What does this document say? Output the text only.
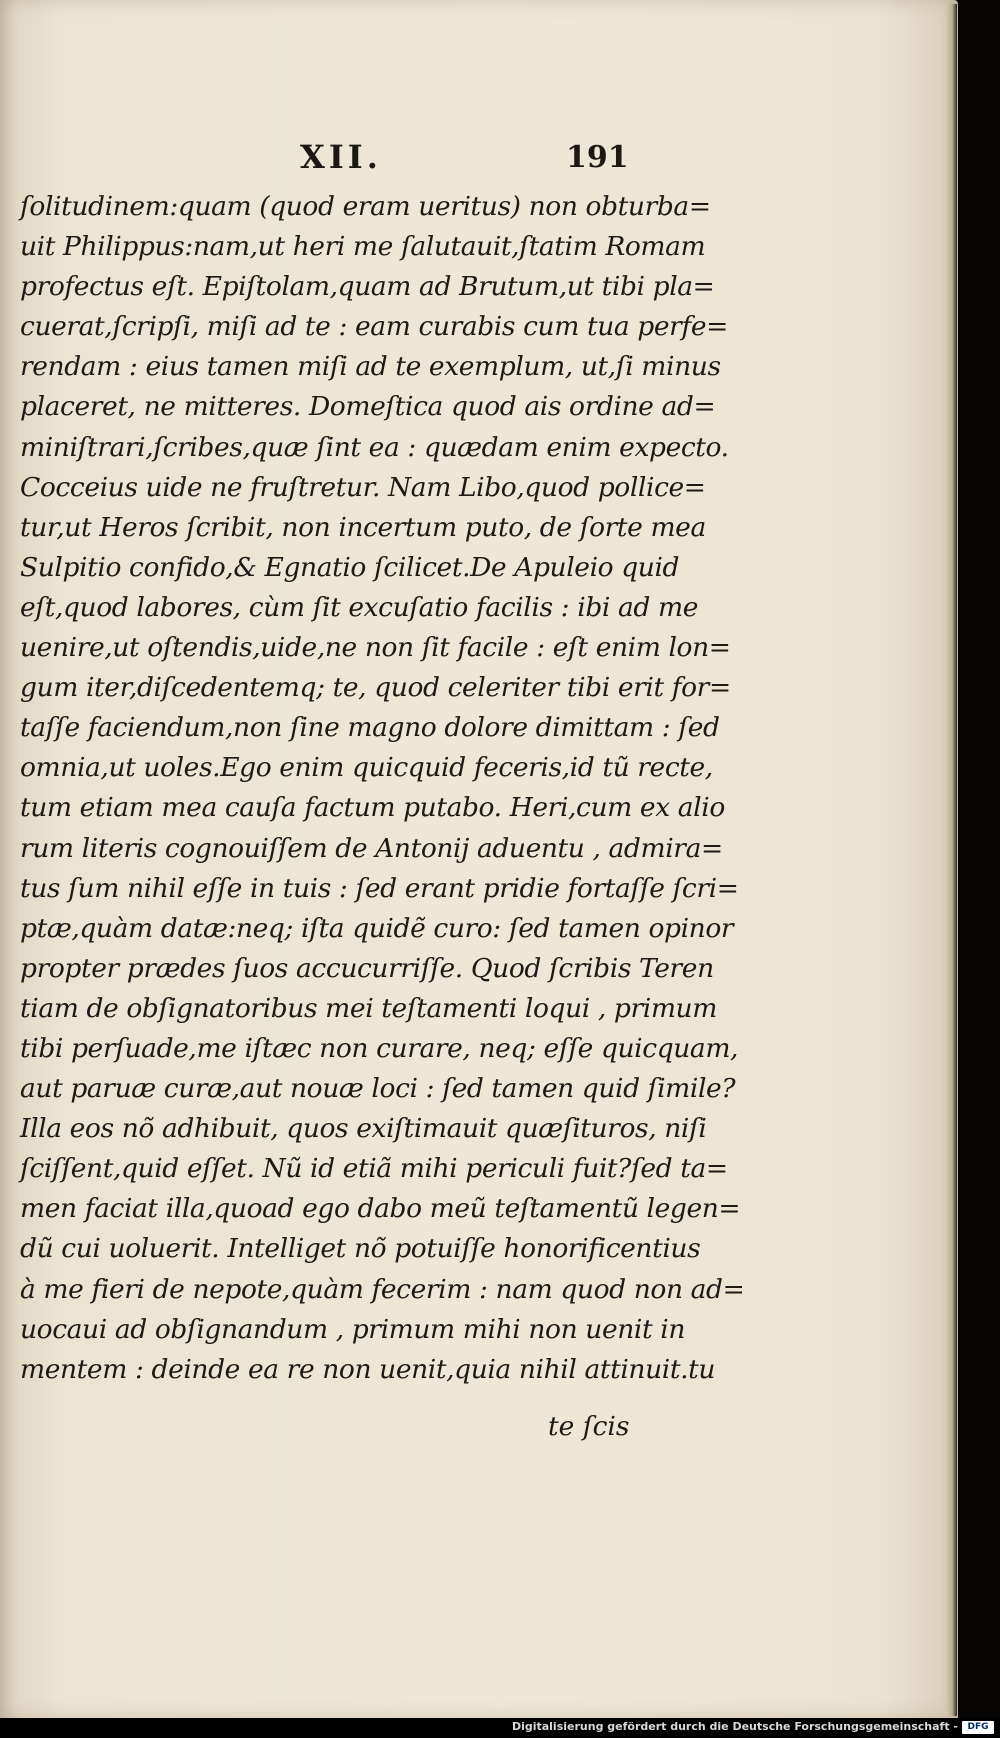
XII.	191
ſolitudinem:quam (quod eram ueritus) non obturba=
uit Philippus:nam,ut heri me ſalutauit,ſtatim Romam
profectus eſt. Epiſtolam,quam ad Brutum,ut tibi pla=
cuerat,ſcripſi, miſi ad te : eam curabis cum tua perfe=
rendam : eius tamen miſi ad te exemplum, ut,ſi minus
placeret, ne mitteres. Domeſtica quod ais ordine ad=
miniſtrari,ſcribes,quæ ſint ea : quædam enim expecto.
Cocceius uide ne fruſtretur. Nam Libo,quod pollice=
tur,ut Heros ſcribit, non incertum puto, de ſorte mea
Sulpitio confido,& Egnatio ſcilicet.De Apuleio quid
eſt,quod labores, cùm ſit excuſatio facilis : ibi ad me
uenire,ut oſtendis,uide,ne non ſit facile : eſt enim lon=
gum iter,diſcedentemq; te, quod celeriter tibi erit for=
taſſe faciendum,non ſine magno dolore dimittam : ſed
omnia,ut uoles.Ego enim quicquid feceris,id tũ recte,
tum etiam mea cauſa factum putabo. Heri,cum ex alio
rum literis cognouiſſem de Antonij aduentu , admira=
tus ſum nihil eſſe in tuis : ſed erant pridie fortaſſe ſcri=
ptæ,quàm datæ:neq; iſta quidẽ curo: ſed tamen opinor
propter prædes ſuos accucurriſſe. Quod ſcribis Teren
tiam de obſignatoribus mei teſtamenti loqui , primum
tibi perſuade,me iſtæc non curare, neq; eſſe quicquam,
aut paruæ curæ,aut nouæ loci : ſed tamen quid ſimile?
Illa eos nõ adhibuit, quos exiſtimauit quæſituros, niſi
ſciſſent,quid eſſet. Nũ id etiã mihi periculi fuit?ſed ta=
men faciat illa,quoad ego dabo meũ teſtamentũ legen=
dũ cui uoluerit. Intelliget nõ potuiſſe honorificentius
à me fieri de nepote,quàm fecerim : nam quod non ad=
uocaui ad obſignandum , primum mihi non uenit in
mentem : deinde ea re non uenit,quia nihil attinuit.tu
te ſcis
Digitalisierung gefördert durch die Deutsche Forschungsgemeinschaft -	DFG
